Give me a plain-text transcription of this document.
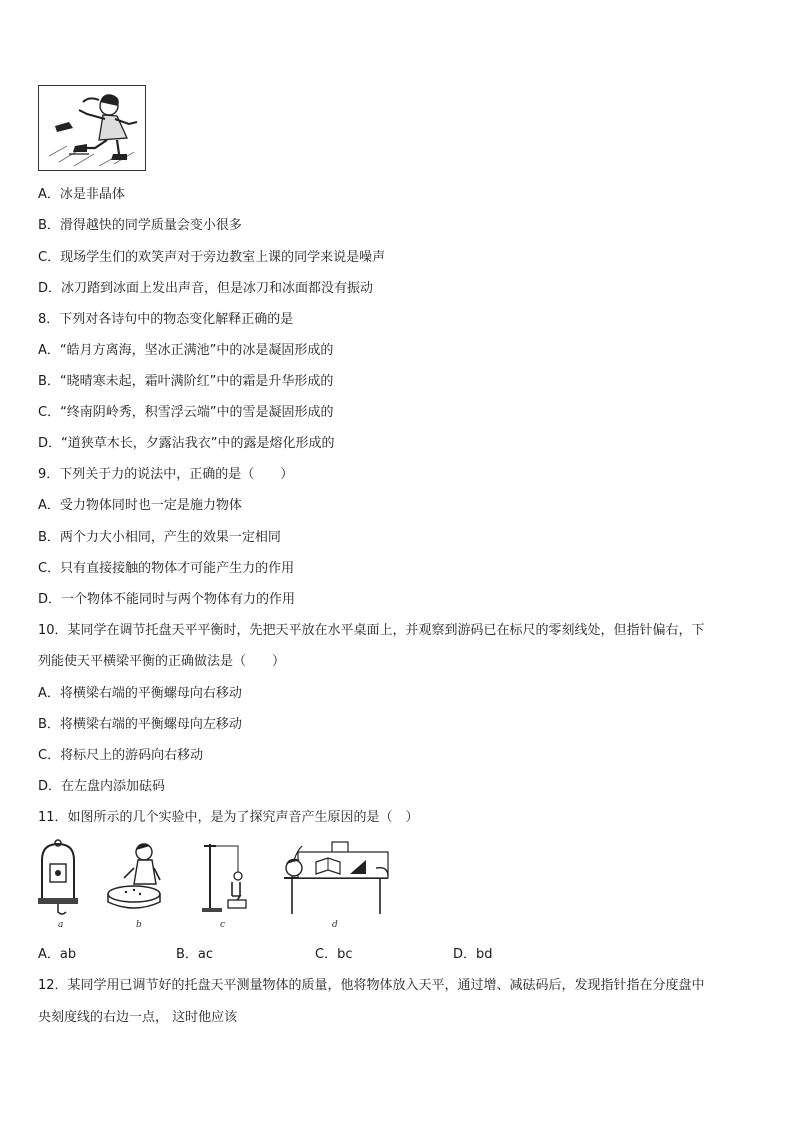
A．冰是非晶体
B．滑得越快的同学质量会变小很多
C．现场学生们的欢笑声对于旁边教室上课的同学来说是噪声
D．冰刀踏到冰面上发出声音，但是冰刀和冰面都没有振动
8．下列对各诗句中的物态变化解释正确的是
A．“皓月方离海，坚冰正满池”中的冰是凝固形成的
B．“晓晴寒未起，霜叶满阶红”中的霜是升华形成的
C．“终南阴岭秀，积雪浮云端”中的雪是凝固形成的
D．“道狭草木长，夕露沾我衣”中的露是熔化形成的
9．下列关于力的说法中，正确的是（　　）
A．受力物体同时也一定是施力物体
B．两个力大小相同，产生的效果一定相同
C．只有直接接触的物体才可能产生力的作用
D．一个物体不能同时与两个物体有力的作用
10．某同学在调节托盘天平平衡时，先把天平放在水平桌面上，并观察到游码已在标尺的零刻线处，但指针偏右，下
列能使天平横梁平衡的正确做法是（　　）
A．将横梁右端的平衡螺母向右移动
B．将横梁右端的平衡螺母向左移动
C．将标尺上的游码向右移动
D．在左盘内添加砝码
11．如图所示的几个实验中，是为了探究声音产生原因的是（　）
a	b	c	d
A．ab	B．ac	C．bc	D．bd
12．某同学用已调节好的托盘天平测量物体的质量，他将物体放入天平，通过增、减砝码后，发现指针指在分度盘中
央刻度线的右边一点， 这时他应该
